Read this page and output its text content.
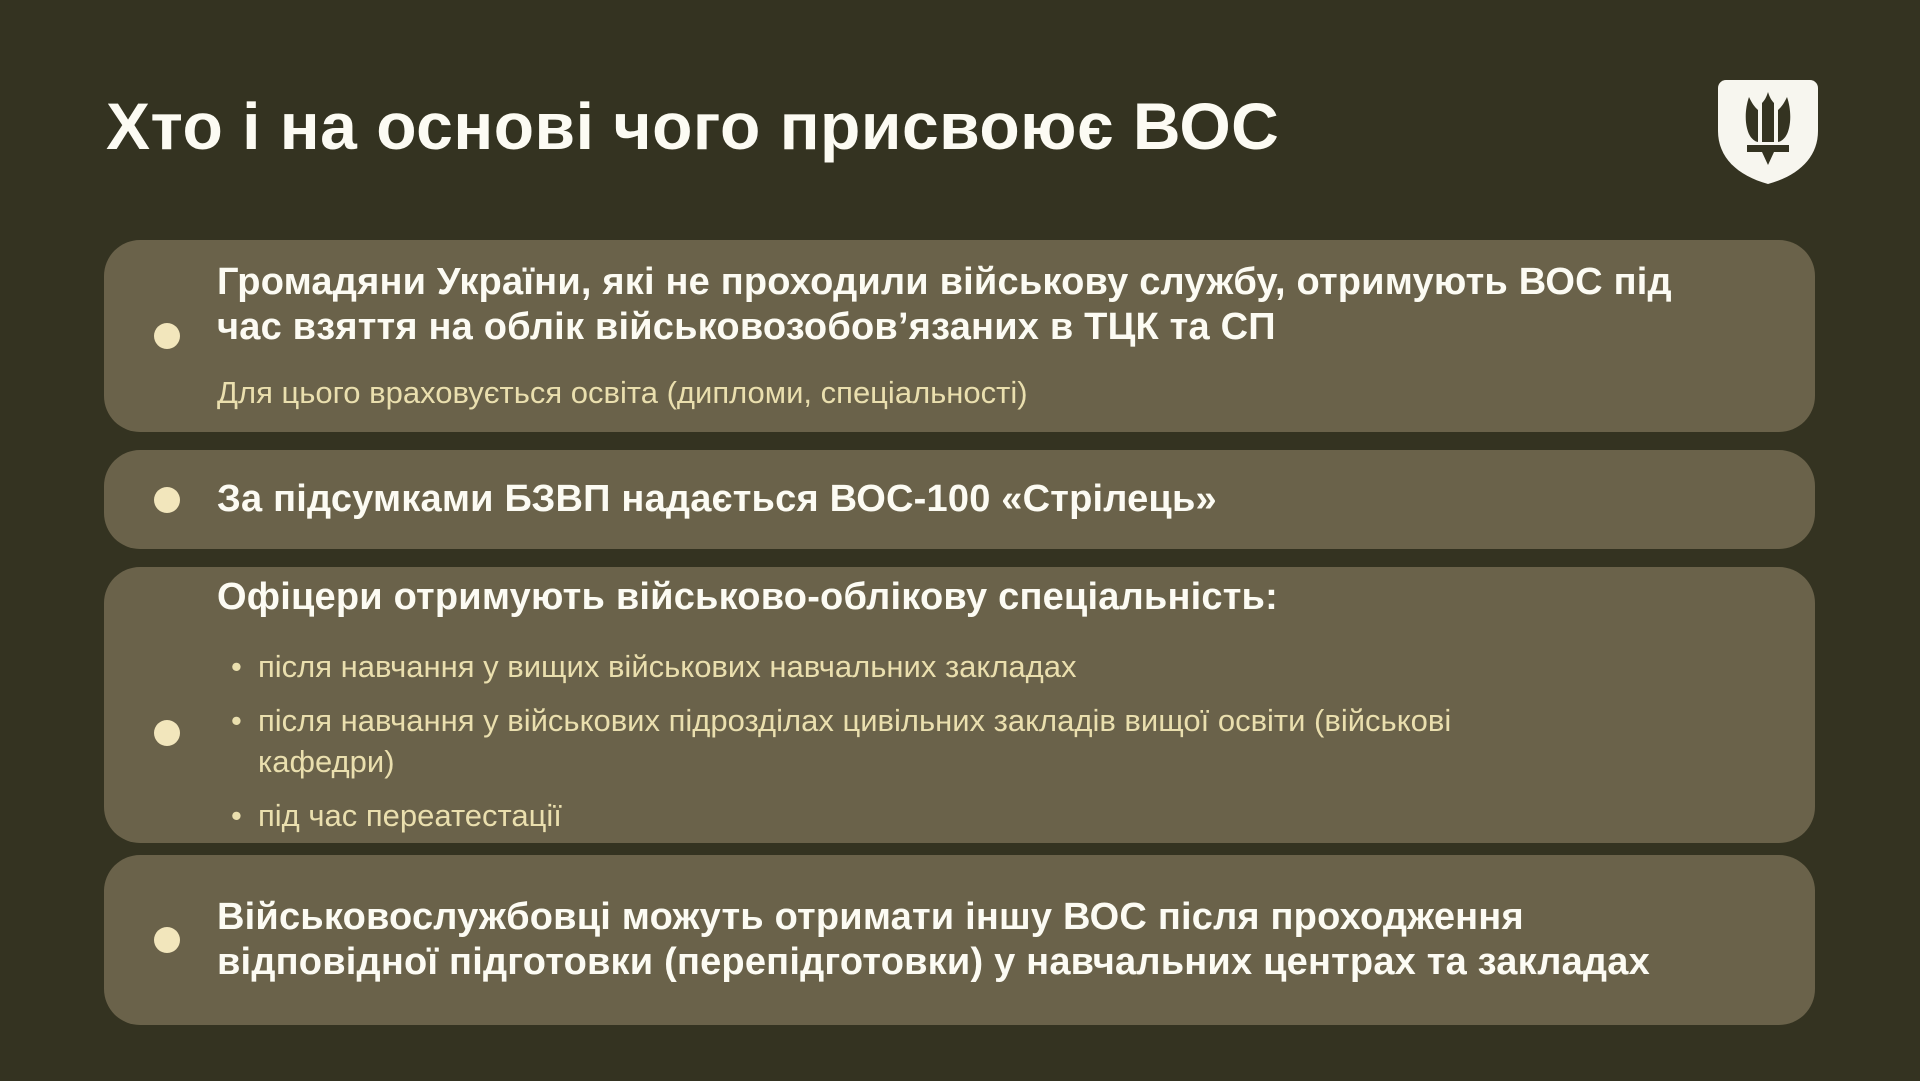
Хто і на основі чого присвоює ВОС

Громадяни України, які не проходили військову службу, отримують ВОС під час взяття на облік військовозобов’язаних в ТЦК та СП

Для цього враховується освіта (дипломи, спеціальності)

За підсумками БЗВП надається ВОС-100 «Стрілець»

Офіцери отримують військово-облікову спеціальність:

• після навчання у вищих військових навчальних закладах
• після навчання у військових підрозділах цивільних закладів вищої освіти (військові кафедри)
• під час переатестації

Військовослужбовці можуть отримати іншу ВОС після проходження відповідної підготовки (перепідготовки) у навчальних центрах та закладах
